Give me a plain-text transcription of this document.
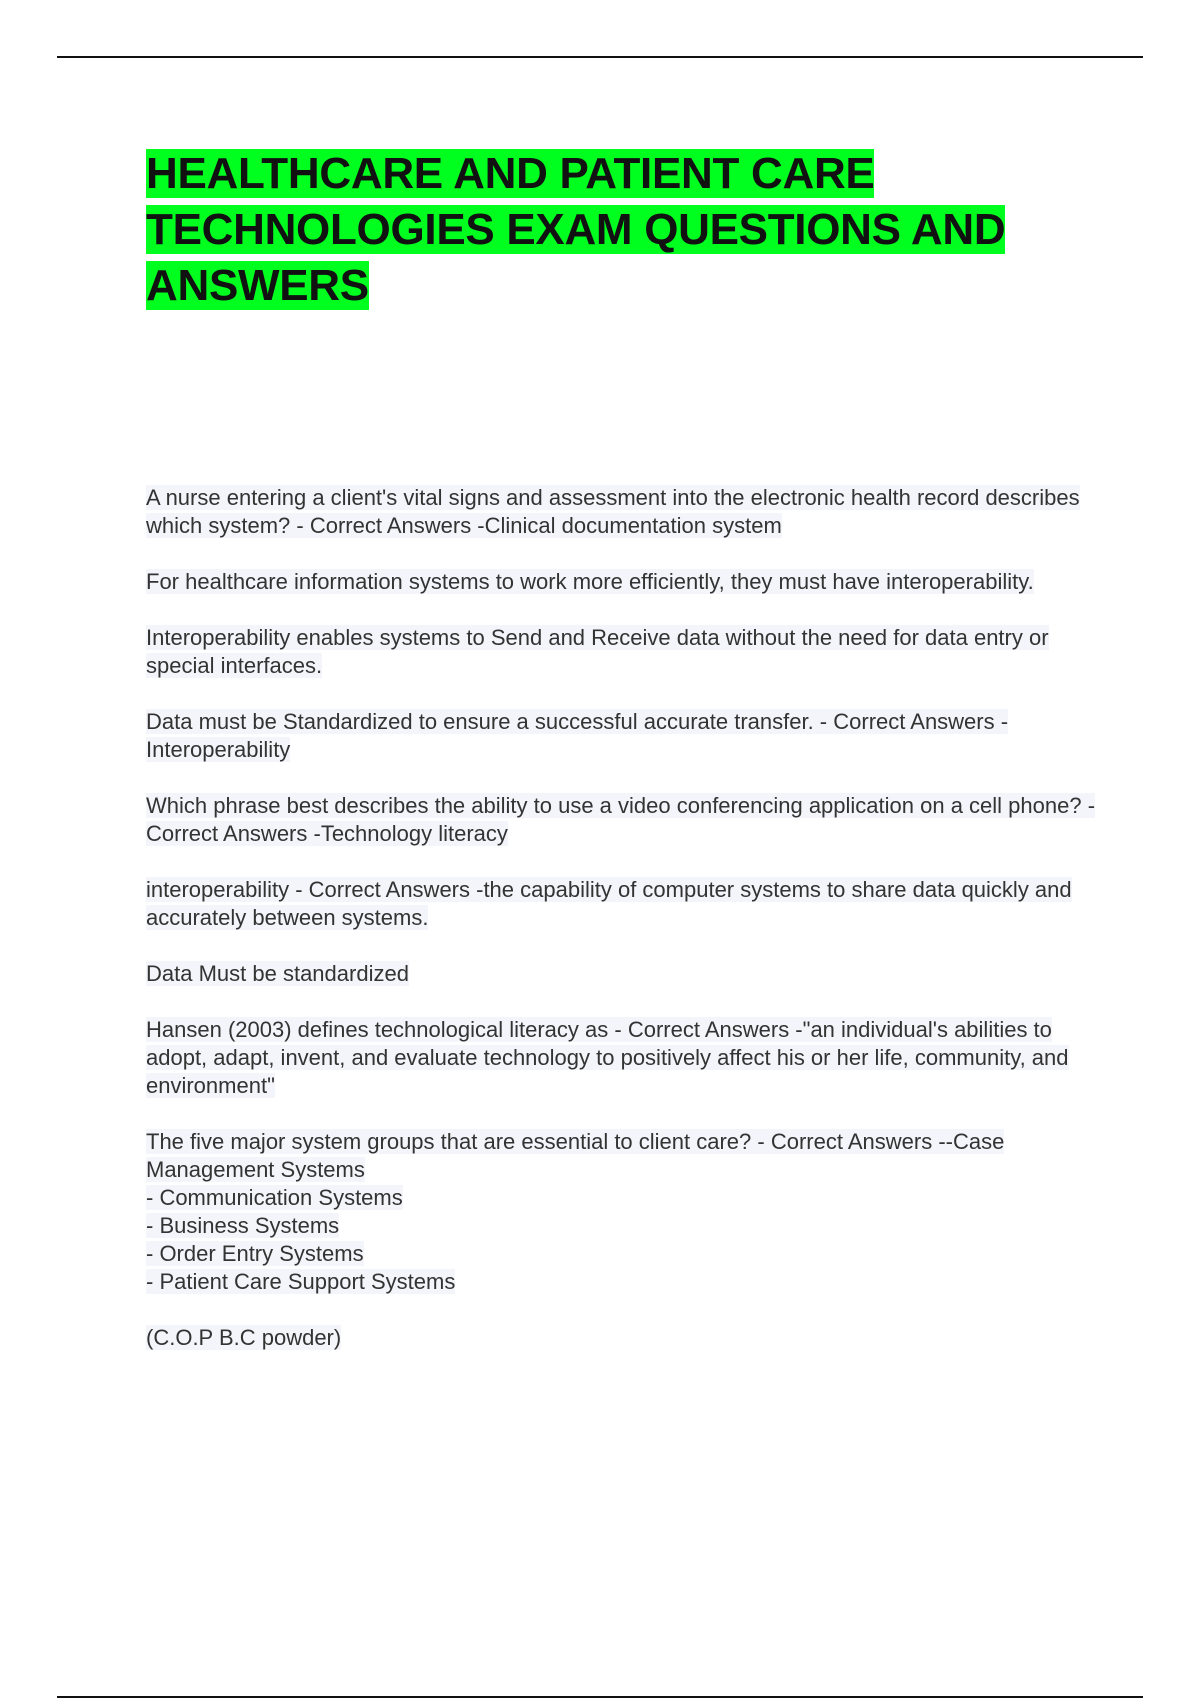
HEALTHCARE AND PATIENT CARE TECHNOLOGIES EXAM QUESTIONS AND ANSWERS

A nurse entering a client's vital signs and assessment into the electronic health record describes which system? - Correct Answers -Clinical documentation system

For healthcare information systems to work more efficiently, they must have interoperability.

Interoperability enables systems to Send and Receive data without the need for data entry or special interfaces.

Data must be Standardized to ensure a successful accurate transfer. - Correct Answers -Interoperability

Which phrase best describes the ability to use a video conferencing application on a cell phone? - Correct Answers -Technology literacy

interoperability - Correct Answers -the capability of computer systems to share data quickly and accurately between systems.

Data Must be standardized

Hansen (2003) defines technological literacy as - Correct Answers -"an individual's abilities to adopt, adapt, invent, and evaluate technology to positively affect his or her life, community, and environment"

The five major system groups that are essential to client care? - Correct Answers --Case Management Systems
- Communication Systems
- Business Systems
- Order Entry Systems
- Patient Care Support Systems

(C.O.P B.C powder)
